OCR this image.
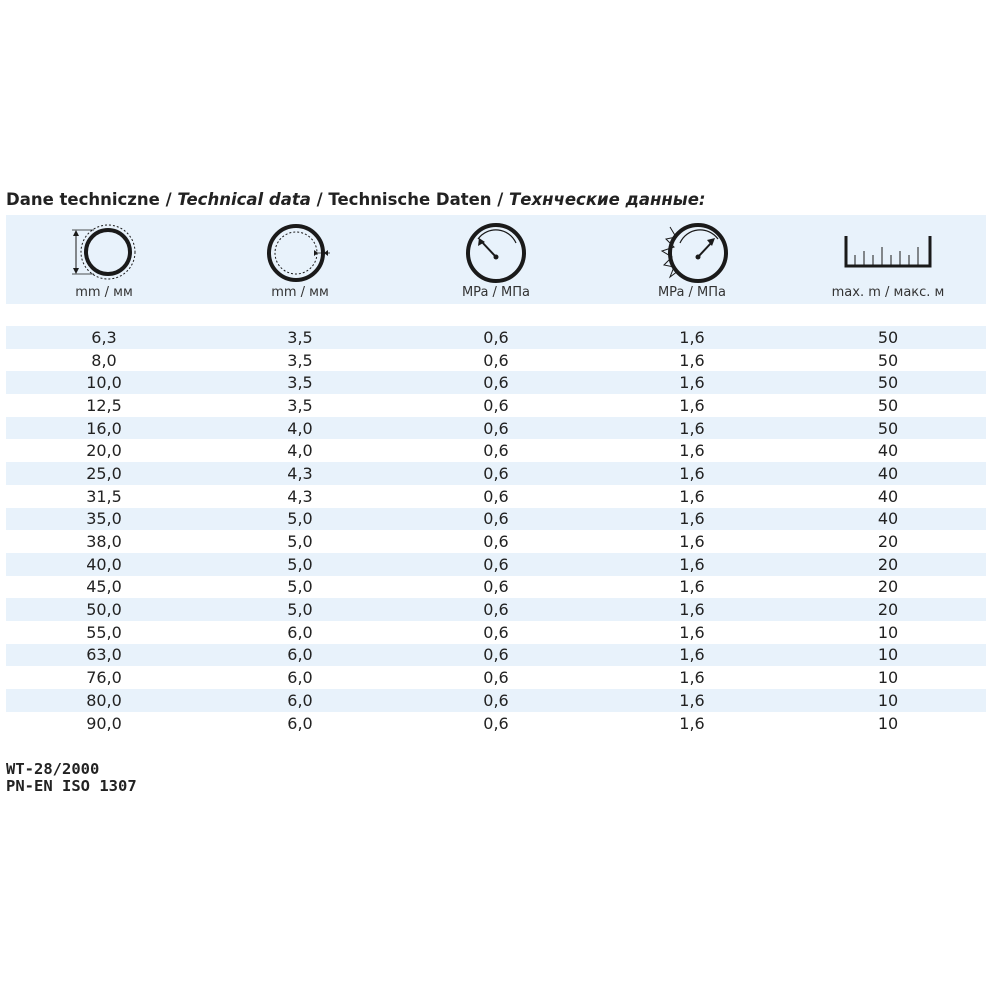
Dane techniczne / Technical data / Technische Daten / Технческие данные:
mm / мм	mm / мм	MPa / МПа	MPa / МПа	max. m / макс. м
6,3	3,5	0,6	1,6	50
8,0	3,5	0,6	1,6	50
10,0	3,5	0,6	1,6	50
12,5	3,5	0,6	1,6	50
16,0	4,0	0,6	1,6	50
20,0	4,0	0,6	1,6	40
25,0	4,3	0,6	1,6	40
31,5	4,3	0,6	1,6	40
35,0	5,0	0,6	1,6	40
38,0	5,0	0,6	1,6	20
40,0	5,0	0,6	1,6	20
45,0	5,0	0,6	1,6	20
50,0	5,0	0,6	1,6	20
55,0	6,0	0,6	1,6	10
63,0	6,0	0,6	1,6	10
76,0	6,0	0,6	1,6	10
80,0	6,0	0,6	1,6	10
90,0	6,0	0,6	1,6	10
WT-28/2000
PN-EN ISO 1307
